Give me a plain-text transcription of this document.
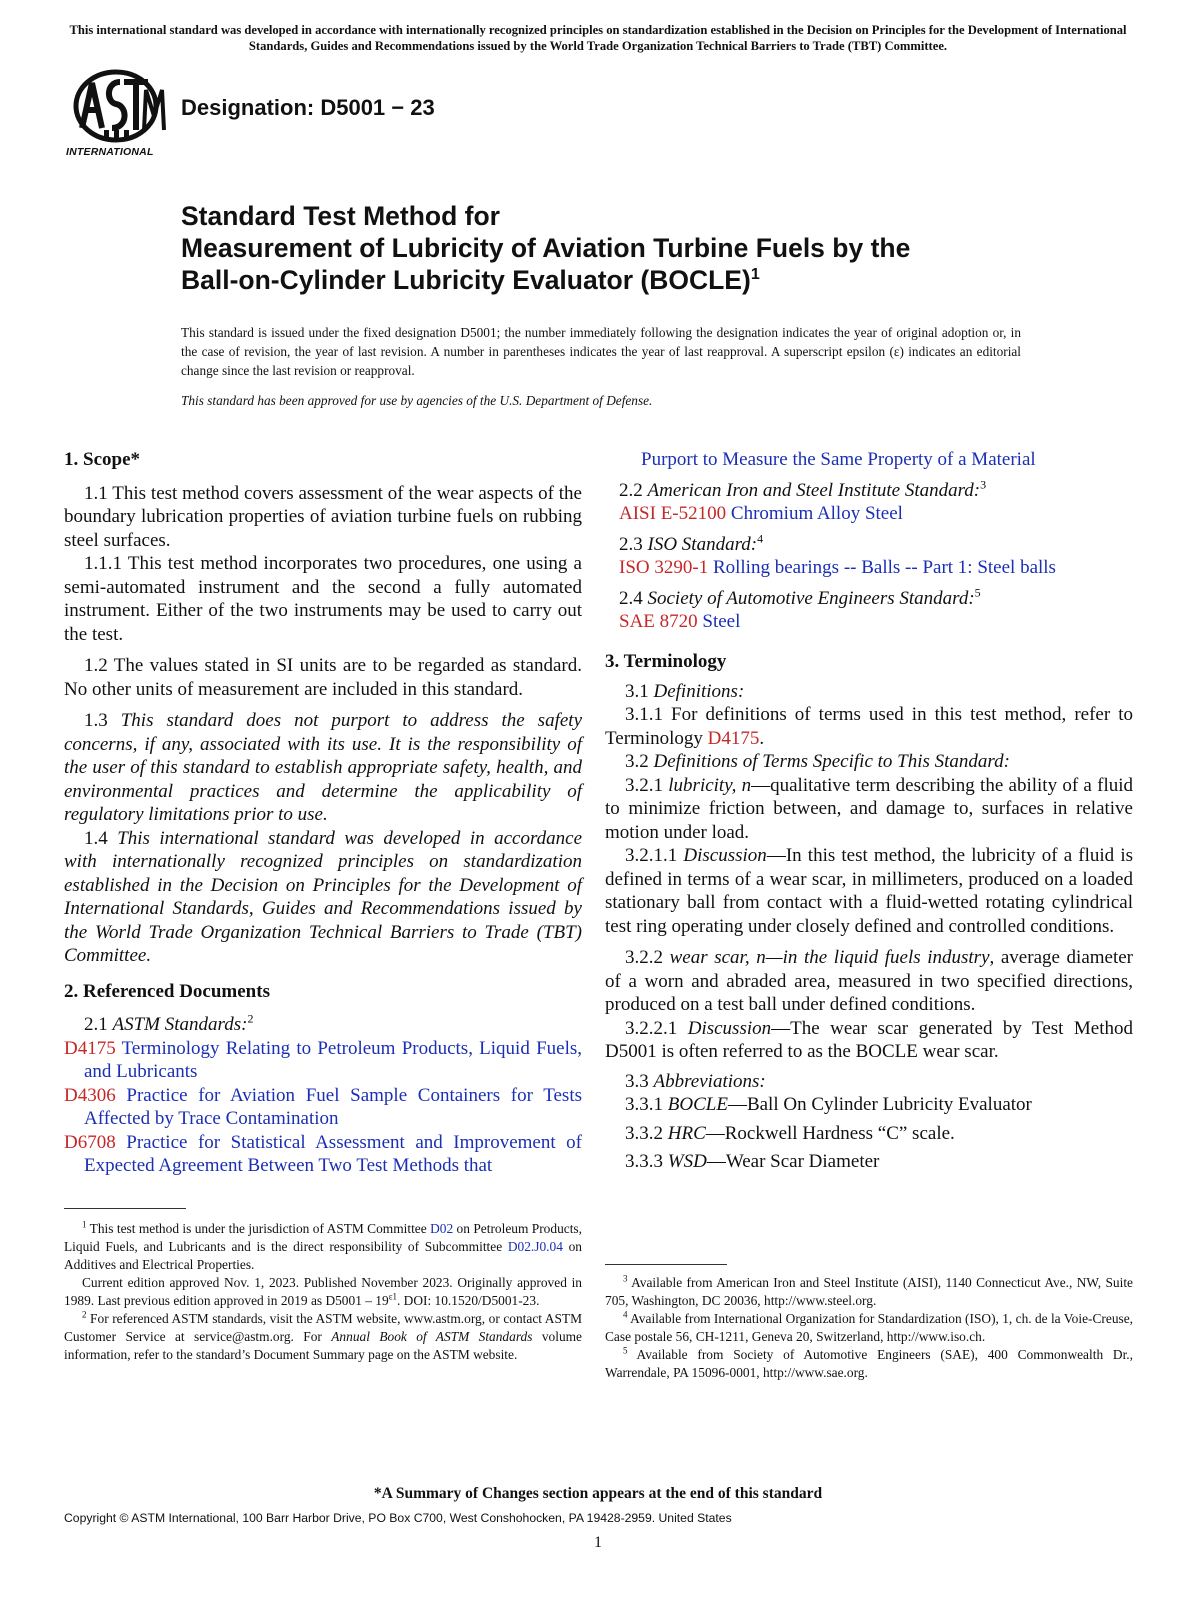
This international standard was developed in accordance with internationally recognized principles on standardization established in the Decision on Principles for the Development of International Standards, Guides and Recommendations issued by the World Trade Organization Technical Barriers to Trade (TBT) Committee.
INTERNATIONAL
Designation: D5001 − 23
Standard Test Method for
Measurement of Lubricity of Aviation Turbine Fuels by the
Ball-on-Cylinder Lubricity Evaluator (BOCLE)$^1$
This standard is issued under the fixed designation D5001; the number immediately following the designation indicates the year of original adoption or, in the case of revision, the year of last revision. A number in parentheses indicates the year of last reapproval. A superscript epsilon (ε) indicates an editorial change since the last revision or reapproval.
This standard has been approved for use by agencies of the U.S. Department of Defense.

1. Scope*

1.1 This test method covers assessment of the wear aspects of the boundary lubrication properties of aviation turbine fuels on rubbing steel surfaces.

1.1.1 This test method incorporates two procedures, one using a semi-automated instrument and the second a fully automated instrument. Either of the two instruments may be used to carry out the test.

1.2 The values stated in SI units are to be regarded as standard. No other units of measurement are included in this standard.

1.3 This standard does not purport to address the safety concerns, if any, associated with its use. It is the responsibility of the user of this standard to establish appropriate safety, health, and environmental practices and determine the applicability of regulatory limitations prior to use.

1.4 This international standard was developed in accordance with internationally recognized principles on standardization established in the Decision on Principles for the Development of International Standards, Guides and Recommendations issued by the World Trade Organization Technical Barriers to Trade (TBT) Committee.

2. Referenced Documents

2.1 ASTM Standards:$^2$

D4175 Terminology Relating to Petroleum Products, Liquid Fuels, and Lubricants

D4306 Practice for Aviation Fuel Sample Containers for Tests Affected by Trace Contamination

D6708 Practice for Statistical Assessment and Improvement of Expected Agreement Between Two Test Methods that

$^1$ This test method is under the jurisdiction of ASTM Committee D02 on Petroleum Products, Liquid Fuels, and Lubricants and is the direct responsibility of Subcommittee D02.J0.04 on Additives and Electrical Properties.

Current edition approved Nov. 1, 2023. Published November 2023. Originally approved in 1989. Last previous edition approved in 2019 as $D5001 - 19^{\varepsilon 1}$. DOI: 10.1520/D5001-23.

$^2$ For referenced ASTM standards, visit the ASTM website, www.astm.org, or contact ASTM Customer Service at service@astm.org. For Annual Book of ASTM Standards volume information, refer to the standard’s Document Summary page on the ASTM website.

Purport to Measure the Same Property of a Material

2.2 American Iron and Steel Institute Standard:$^3$

AISI E-52100 Chromium Alloy Steel

2.3 ISO Standard:$^4$

ISO 3290-1 Rolling bearings -- Balls -- Part 1: Steel balls

2.4 Society of Automotive Engineers Standard:$^5$

SAE 8720 Steel

3. Terminology

3.1 Definitions:

3.1.1 For definitions of terms used in this test method, refer to Terminology D4175.

3.2 Definitions of Terms Specific to This Standard:

3.2.1 lubricity, n—qualitative term describing the ability of a fluid to minimize friction between, and damage to, surfaces in relative motion under load.

3.2.1.1 Discussion—In this test method, the lubricity of a fluid is defined in terms of a wear scar, in millimeters, produced on a loaded stationary ball from contact with a fluid-wetted rotating cylindrical test ring operating under closely defined and controlled conditions.

3.2.2 wear scar, n—in the liquid fuels industry, average diameter of a worn and abraded area, measured in two specified directions, produced on a test ball under defined conditions.

3.2.2.1 Discussion—The wear scar generated by Test Method D5001 is often referred to as the BOCLE wear scar.

3.3 Abbreviations:

3.3.1 BOCLE—Ball On Cylinder Lubricity Evaluator

3.3.2 HRC—Rockwell Hardness “C” scale.

3.3.3 WSD—Wear Scar Diameter

$^3$ Available from American Iron and Steel Institute (AISI), 1140 Connecticut Ave., NW, Suite 705, Washington, DC 20036, http://www.steel.org.

$^4$ Available from International Organization for Standardization (ISO), 1, ch. de la Voie-Creuse, Case postale 56, CH-1211, Geneva 20, Switzerland, http://www.iso.ch.

$^5$ Available from Society of Automotive Engineers (SAE), 400 Commonwealth Dr., Warrendale, PA 15096-0001, http://www.sae.org.

*A Summary of Changes section appears at the end of this standard
Copyright © ASTM International, 100 Barr Harbor Drive, PO Box C700, West Conshohocken, PA 19428-2959. United States
1
